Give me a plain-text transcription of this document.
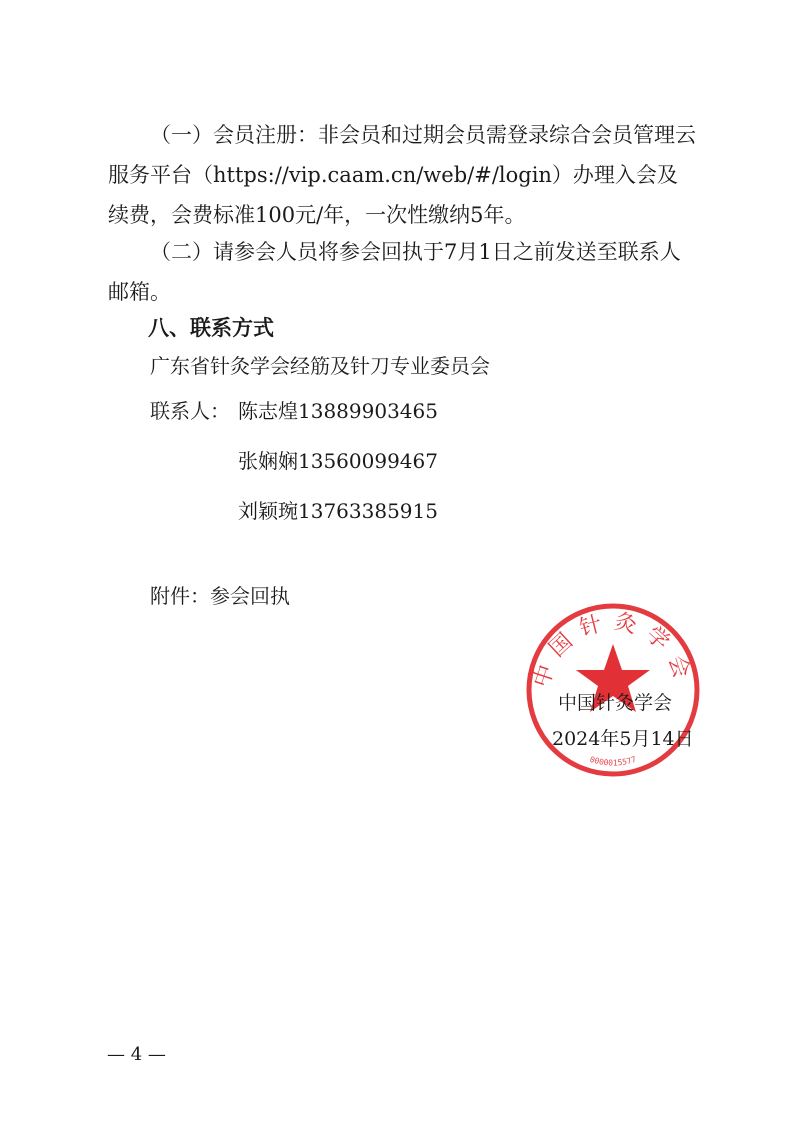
（一）会员注册：非会员和过期会员需登录综合会员管理云服务平台（https://vip.caam.cn/web/#/login）办理入会及续费，会费标准100元/年，一次性缴纳5年。

（二）请参会人员将参会回执于7月1日之前发送至联系人邮箱。

八、联系方式

广东省针灸学会经筋及针刀专业委员会

联系人： 陈志煌13889903465

张娴娴13560099467

刘颖琬13763385915

附件：参会回执

中国针灸学会
0000015577

中国针灸学会

2024年5月14日

— 4 —
